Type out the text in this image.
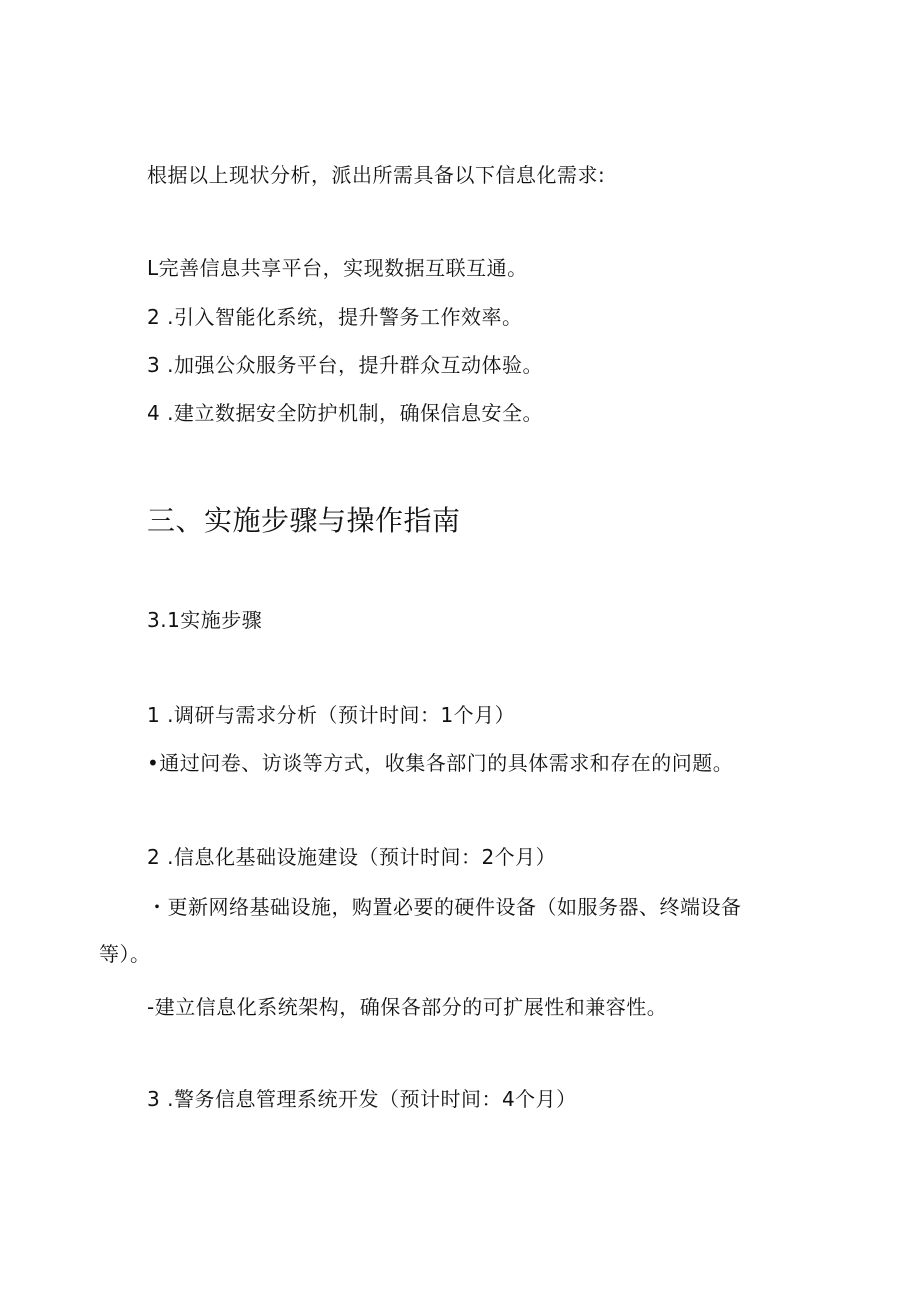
根据以上现状分析，派出所需具备以下信息化需求:
L完善信息共享平台，实现数据互联互通。
2 .引入智能化系统，提升警务工作效率。
3 .加强公众服务平台，提升群众互动体验。
4 .建立数据安全防护机制，确保信息安全。
三、实施步骤与操作指南
3.1实施步骤
1 .调研与需求分析（预计时间：1个月）
•通过问卷、访谈等方式，收集各部门的具体需求和存在的问题。
2 .信息化基础设施建设（预计时间：2个月）
・更新网络基础设施，购置必要的硬件设备（如服务器、终端设备
等）。
-建立信息化系统架构，确保各部分的可扩展性和兼容性。
3 .警务信息管理系统开发（预计时间：4个月）
